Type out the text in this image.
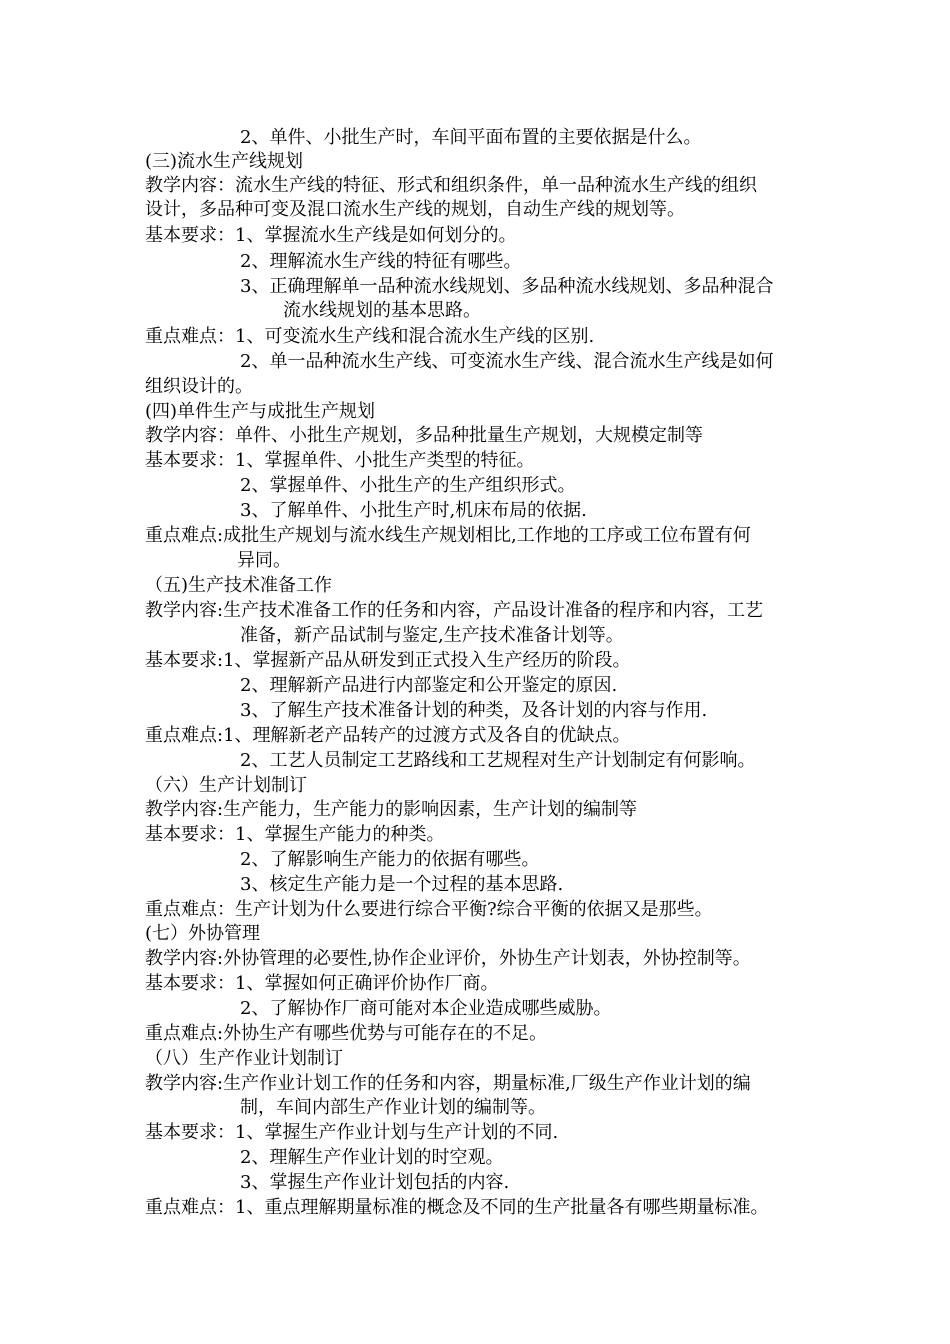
2、单件、小批生产时，车间平面布置的主要依据是什么。
(三)流水生产线规划
教学内容：流水生产线的特征、形式和组织条件，单一品种流水生产线的组织
设计，多品种可变及混口流水生产线的规划，自动生产线的规划等。
基本要求：1、掌握流水生产线是如何划分的。
2、理解流水生产线的特征有哪些。
3、正确理解单一品种流水线规划、多品种流水线规划、多品种混合
流水线规划的基本思路。
重点难点：1、可变流水生产线和混合流水生产线的区别.
2、单一品种流水生产线、可变流水生产线、混合流水生产线是如何
组织设计的。
(四)单件生产与成批生产规划
教学内容：单件、小批生产规划，多品种批量生产规划，大规模定制等
基本要求：1、掌握单件、小批生产类型的特征。
2、掌握单件、小批生产的生产组织形式。
3、了解单件、小批生产时,机床布局的依据.
重点难点:成批生产规划与流水线生产规划相比,工作地的工序或工位布置有何
异同。
（五)生产技术准备工作
教学内容:生产技术准备工作的任务和内容，产品设计准备的程序和内容，工艺
准备，新产品试制与鉴定,生产技术准备计划等。
基本要求:1、掌握新产品从研发到正式投入生产经历的阶段。
2、理解新产品进行内部鉴定和公开鉴定的原因.
3、了解生产技术准备计划的种类，及各计划的内容与作用.
重点难点:1、理解新老产品转产的过渡方式及各自的优缺点。
2、工艺人员制定工艺路线和工艺规程对生产计划制定有何影响。
（六）生产计划制订
教学内容:生产能力，生产能力的影响因素，生产计划的编制等
基本要求：1、掌握生产能力的种类。
2、了解影响生产能力的依据有哪些。
3、核定生产能力是一个过程的基本思路.
重点难点：生产计划为什么要进行综合平衡?综合平衡的依据又是那些。
(七）外协管理
教学内容:外协管理的必要性,协作企业评价，外协生产计划表，外协控制等。
基本要求：1、掌握如何正确评价协作厂商。
2、了解协作厂商可能对本企业造成哪些威胁。
重点难点:外协生产有哪些优势与可能存在的不足。
（八）生产作业计划制订
教学内容:生产作业计划工作的任务和内容，期量标准,厂级生产作业计划的编
制，车间内部生产作业计划的编制等。
基本要求：1、掌握生产作业计划与生产计划的不同.
2、理解生产作业计划的时空观。
3、掌握生产作业计划包括的内容.
重点难点：1、重点理解期量标准的概念及不同的生产批量各有哪些期量标准。
